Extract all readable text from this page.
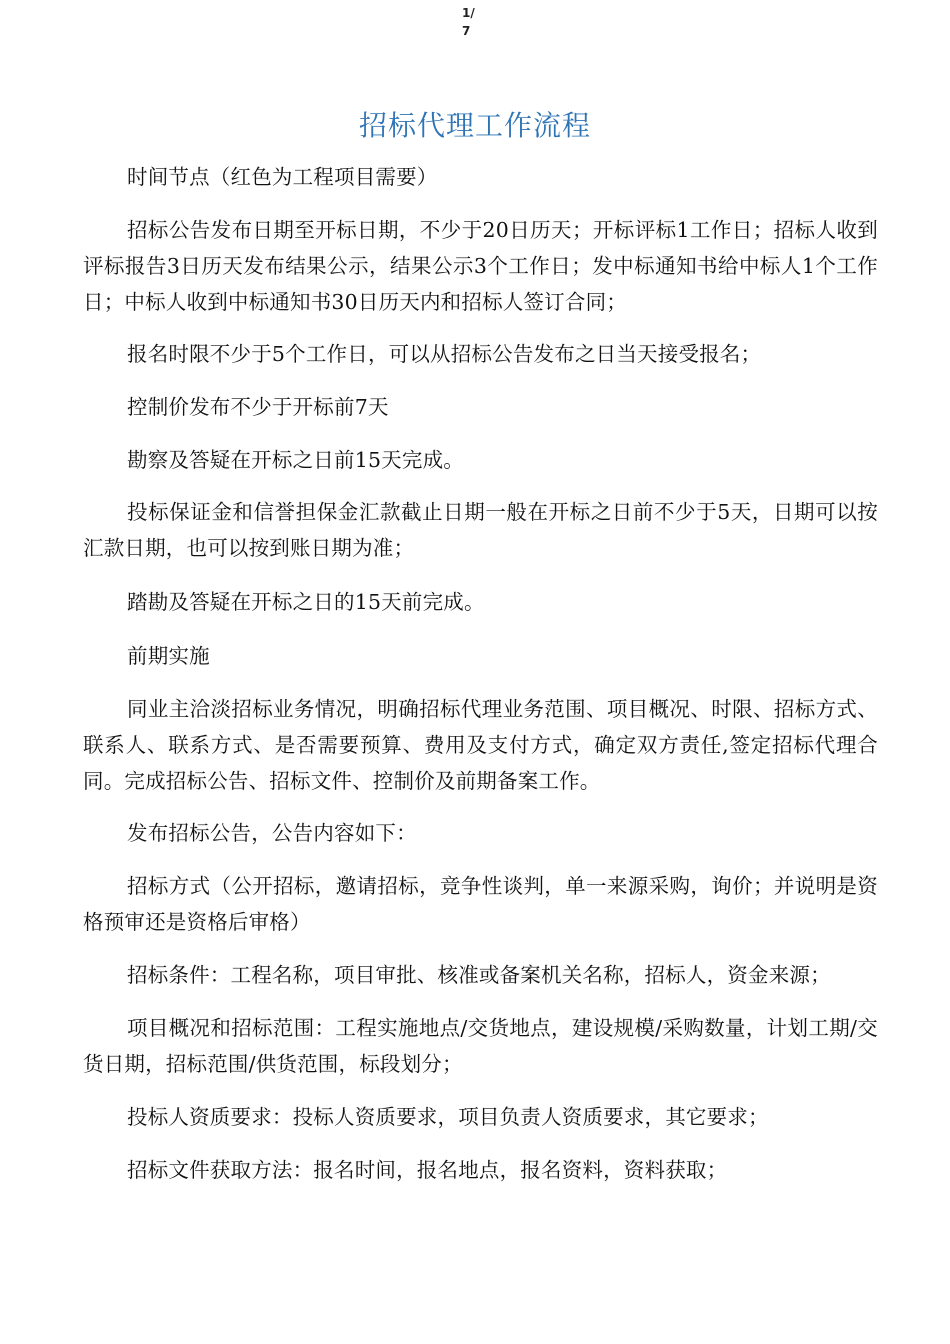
1/
7
招标代理工作流程
时间节点（红色为工程项目需要）
招标公告发布日期至开标日期，不少于20日历天；开标评标1工作日；招标人收到评标报告3日历天发布结果公示，结果公示3个工作日；发中标通知书给中标人1个工作日；中标人收到中标通知书30日历天内和招标人签订合同；
报名时限不少于5个工作日，可以从招标公告发布之日当天接受报名；
控制价发布不少于开标前7天
勘察及答疑在开标之日前15天完成。
投标保证金和信誉担保金汇款截止日期一般在开标之日前不少于5天，日期可以按汇款日期，也可以按到账日期为准；
踏勘及答疑在开标之日的15天前完成。
前期实施
同业主洽淡招标业务情况，明确招标代理业务范围、项目概况、时限、招标方式、联系人、联系方式、是否需要预算、费用及支付方式，确定双方责任,签定招标代理合同。完成招标公告、招标文件、控制价及前期备案工作。
发布招标公告，公告内容如下：
招标方式（公开招标，邀请招标，竞争性谈判，单一来源采购，询价；并说明是资格预审还是资格后审格）
招标条件：工程名称，项目审批、核准或备案机关名称，招标人，资金来源；
项目概况和招标范围：工程实施地点/交货地点，建设规模/采购数量，计划工期/交货日期，招标范围/供货范围，标段划分；
投标人资质要求：投标人资质要求，项目负责人资质要求，其它要求；
招标文件获取方法：报名时间，报名地点，报名资料，资料获取；
